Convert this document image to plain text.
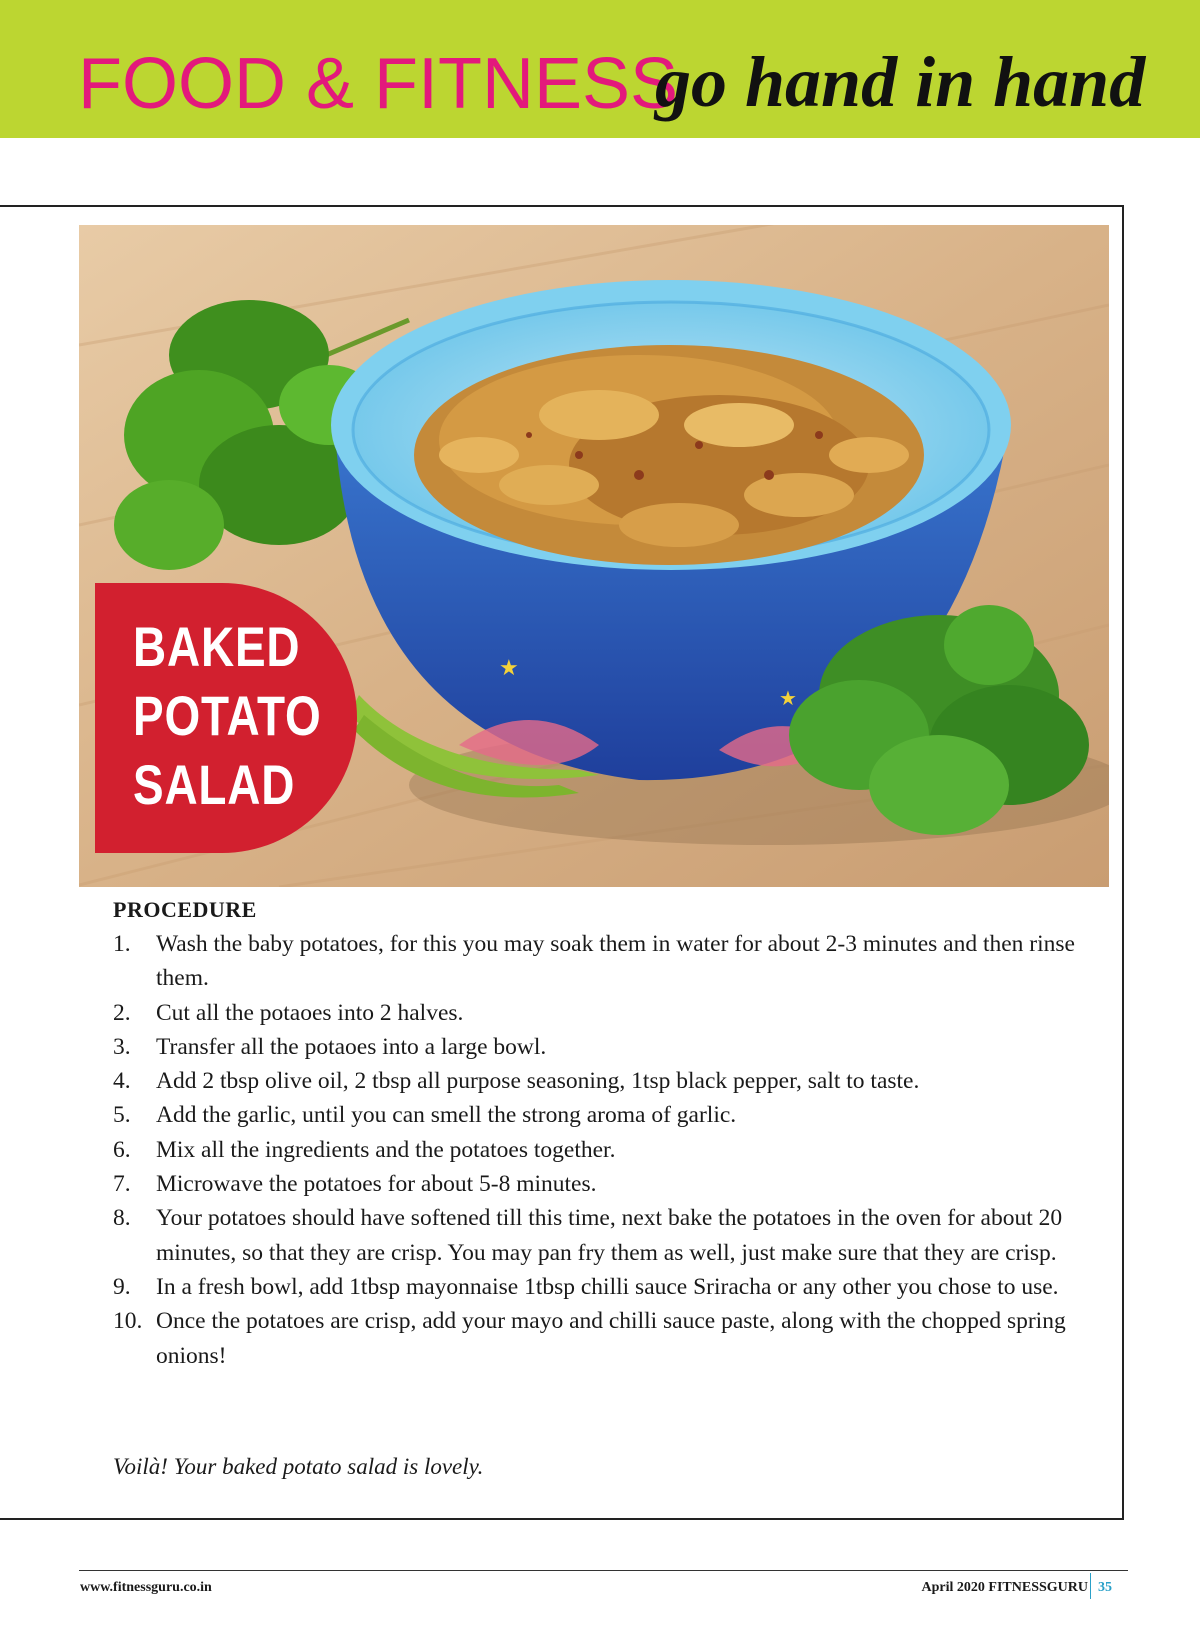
FOOD & FITNESS
go hand in hand
★
★
BAKED
POTATO
SALAD
PROCEDURE
1. Wash the baby potatoes, for this you may soak them in water for about 2-3 minutes and then rinse them.
2. Cut all the potaoes into 2 halves.
3. Transfer all the potaoes into a large bowl.
4. Add 2 tbsp olive oil, 2 tbsp all purpose seasoning, 1tsp black pepper, salt to taste.
5. Add the garlic, until you can smell the strong aroma of garlic.
6. Mix all the ingredients and the potatoes together.
7. Microwave the potatoes for about 5-8 minutes.
8. Your potatoes should have softened till this time, next bake the potatoes in the oven for about 20 minutes, so that they are crisp. You may pan fry them as well, just make sure that they are crisp.
9. In a fresh bowl, add 1tbsp mayonnaise 1tbsp chilli sauce Sriracha or any other you chose to use.
10. Once the potatoes are crisp, add your mayo and chilli sauce paste, along with the chopped spring onions!
Voilà! Your baked potato salad is lovely.
www.fitnessguru.co.in	April 2020 FITNESSGURU 35
